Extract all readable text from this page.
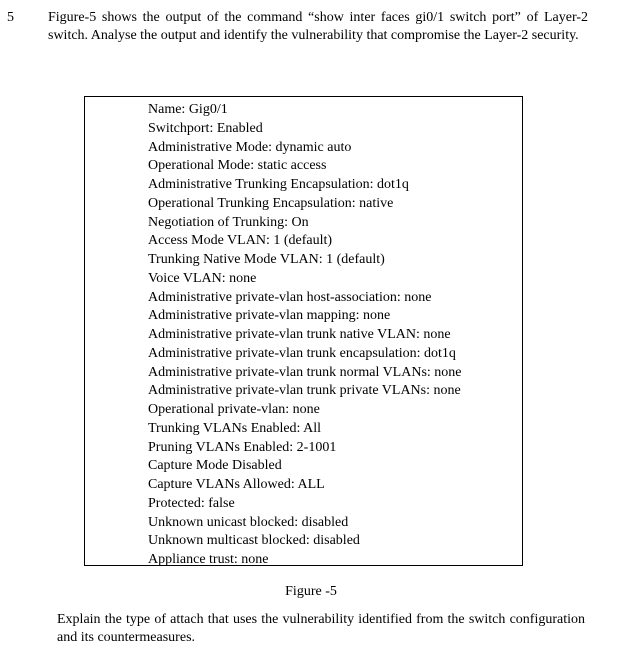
5 Figure-5 shows the output of the command “show inter faces gi0/1 switch port” of Layer-2 switch. Analyse the output and identify the vulnerability that compromise the Layer-2 security.
Name: Gig0/1
Switchport: Enabled
Administrative Mode: dynamic auto
Operational Mode: static access
Administrative Trunking Encapsulation: dot1q
Operational Trunking Encapsulation: native
Negotiation of Trunking: On
Access Mode VLAN: 1 (default)
Trunking Native Mode VLAN: 1 (default)
Voice VLAN: none
Administrative private-vlan host-association: none
Administrative private-vlan mapping: none
Administrative private-vlan trunk native VLAN: none
Administrative private-vlan trunk encapsulation: dot1q
Administrative private-vlan trunk normal VLANs: none
Administrative private-vlan trunk private VLANs: none
Operational private-vlan: none
Trunking VLANs Enabled: All
Pruning VLANs Enabled: 2-1001
Capture Mode Disabled
Capture VLANs Allowed: ALL
Protected: false
Unknown unicast blocked: disabled
Unknown multicast blocked: disabled
Appliance trust: none
Figure -5
Explain the type of attach that uses the vulnerability identified from the switch configuration and its countermeasures.
